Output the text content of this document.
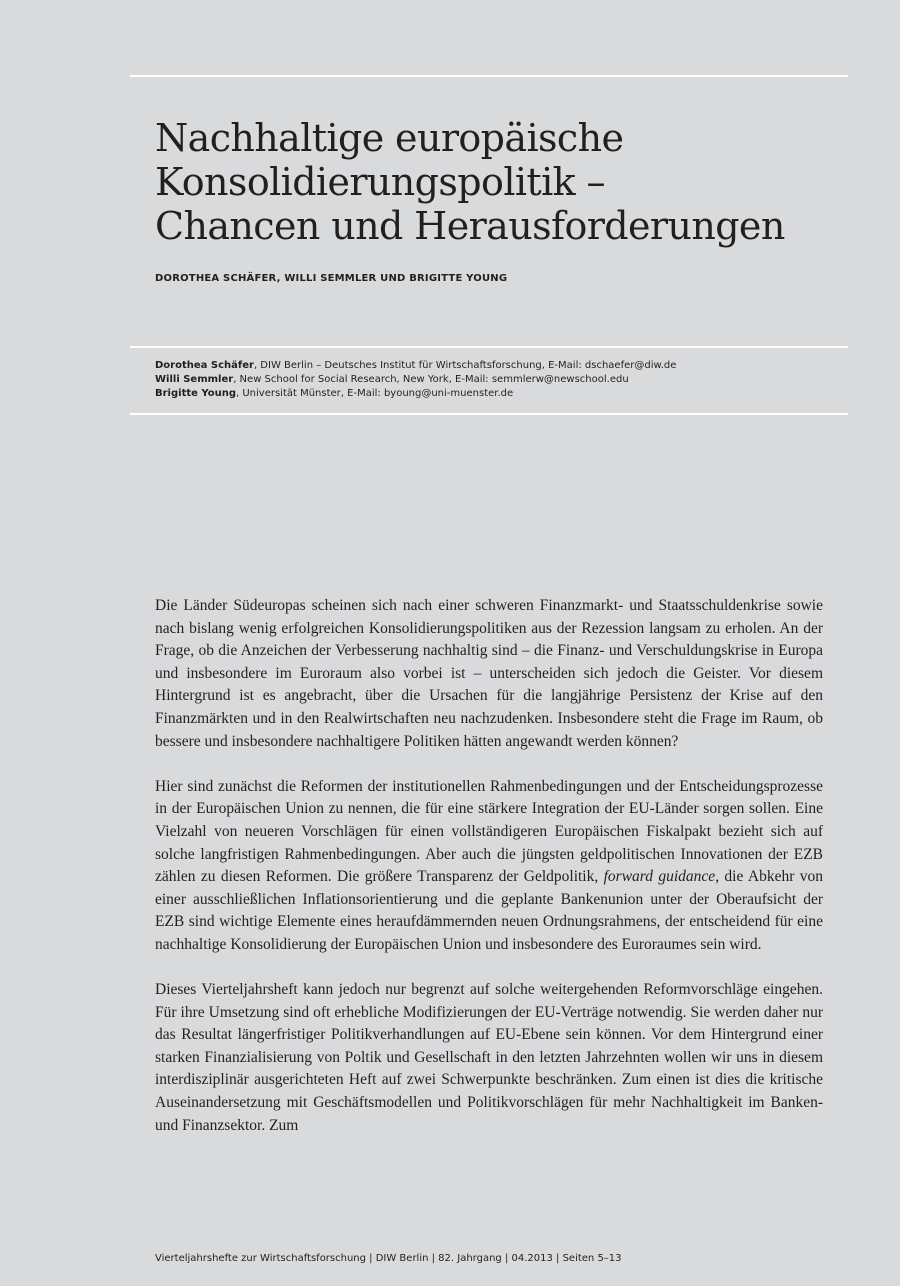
Nachhaltige europäische
Konsolidierungspolitik –
Chancen und Herausforderungen
DOROTHEA SCHÄFER, WILLI SEMMLER UND BRIGITTE YOUNG
Dorothea Schäfer, DIW Berlin – Deutsches Institut für Wirtschaftsforschung, E-Mail: dschaefer@diw.de
Willi Semmler, New School for Social Research, New York, E-Mail: semmlerw@newschool.edu
Brigitte Young, Universität Münster, E-Mail: byoung@uni-muenster.de

Die Länder Südeuropas scheinen sich nach einer schweren Finanzmarkt- und Staatsschuldenkrise sowie nach bislang wenig erfolgreichen Konsolidierungspolitiken aus der Rezession langsam zu erholen. An der Frage, ob die Anzeichen der Verbesserung nachhaltig sind – die Finanz- und Verschuldungskrise in Europa und insbesondere im Euroraum also vorbei ist – unterscheiden sich jedoch die Geister. Vor diesem Hintergrund ist es angebracht, über die Ursachen für die langjährige Persistenz der Krise auf den Finanzmärkten und in den Realwirtschaften neu nachzudenken. Insbesondere steht die Frage im Raum, ob bessere und insbesondere nachhaltigere Politiken hätten angewandt werden können?

Hier sind zunächst die Reformen der institutionellen Rahmenbedingungen und der Entscheidungsprozesse in der Europäischen Union zu nennen, die für eine stärkere Integration der EU-Länder sorgen sollen. Eine Vielzahl von neueren Vorschlägen für einen vollständigeren Europäischen Fiskalpakt bezieht sich auf solche langfristigen Rahmenbedingungen. Aber auch die jüngsten geldpolitischen Innovationen der EZB zählen zu diesen Reformen. Die größere Transparenz der Geldpolitik, forward guidance, die Abkehr von einer ausschließlichen Inflationsorientierung und die geplante Bankenunion unter der Oberaufsicht der EZB sind wichtige Elemente eines heraufdämmernden neuen Ordnungsrahmens, der entscheidend für eine nachhaltige Konsolidierung der Europäischen Union und insbesondere des Euroraumes sein wird.

Dieses Vierteljahrsheft kann jedoch nur begrenzt auf solche weitergehenden Reformvorschläge eingehen. Für ihre Umsetzung sind oft erhebliche Modifizierungen der EU-Verträge notwendig. Sie werden daher nur das Resultat längerfristiger Politikverhandlungen auf EU-Ebene sein können. Vor dem Hintergrund einer starken Finanzialisierung von Poltik und Gesellschaft in den letzten Jahrzehnten wollen wir uns in diesem interdisziplinär ausgerichteten Heft auf zwei Schwerpunkte beschränken. Zum einen ist dies die kritische Auseinandersetzung mit Geschäftsmodellen und Politikvorschlägen für mehr Nachhaltigkeit im Banken- und Finanzsektor. Zum

Vierteljahrshefte zur Wirtschaftsforschung | DIW Berlin | 82. Jahrgang | 04.2013 | Seiten 5–13
